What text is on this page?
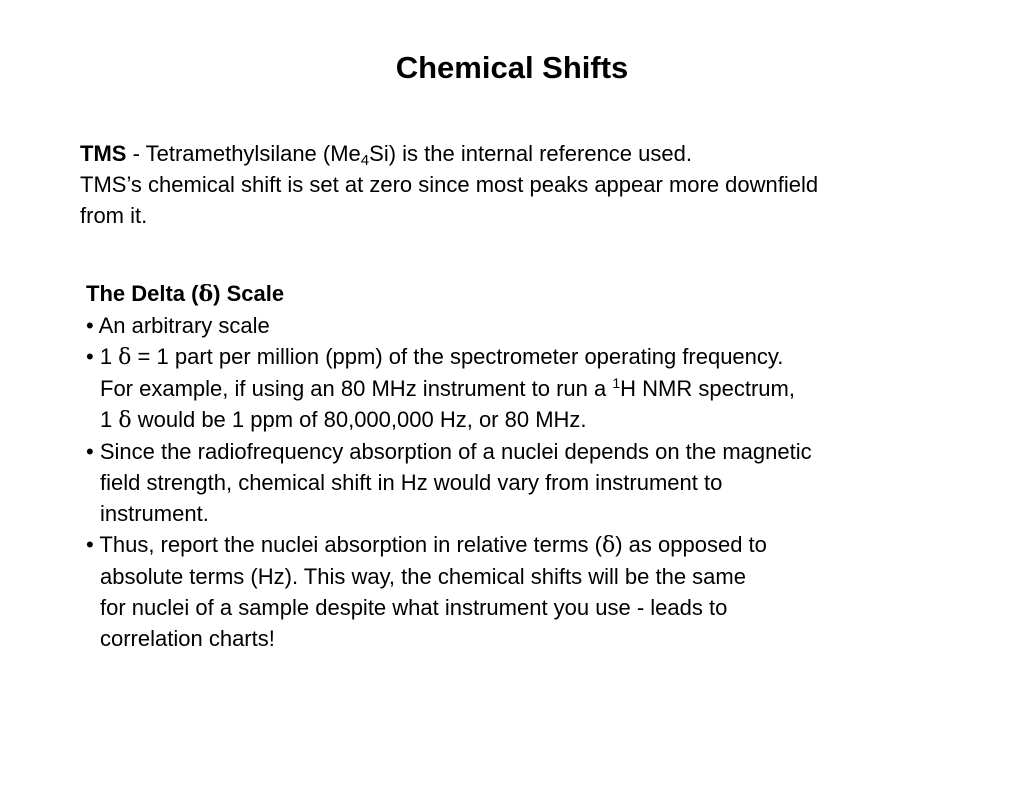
Chemical Shifts
TMS - Tetramethylsilane $(Me_4Si)$ is the internal reference used.
TMS’s chemical shift is set at zero since most peaks appear more downfield
from it.
The Delta (δ) Scale
• An arbitrary scale
• 1 δ = 1 part per million (ppm) of the spectrometer operating frequency.
For example, if using an 80 MHz instrument to run a $^1$H NMR spectrum,
1 δ would be 1 ppm of 80,000,000 Hz, or 80 MHz.
• Since the radiofrequency absorption of a nuclei depends on the magnetic
field strength, chemical shift in Hz would vary from instrument to
instrument.
• Thus, report the nuclei absorption in relative terms (δ) as opposed to
absolute terms (Hz). This way, the chemical shifts will be the same
for nuclei of a sample despite what instrument you use - leads to
correlation charts!
